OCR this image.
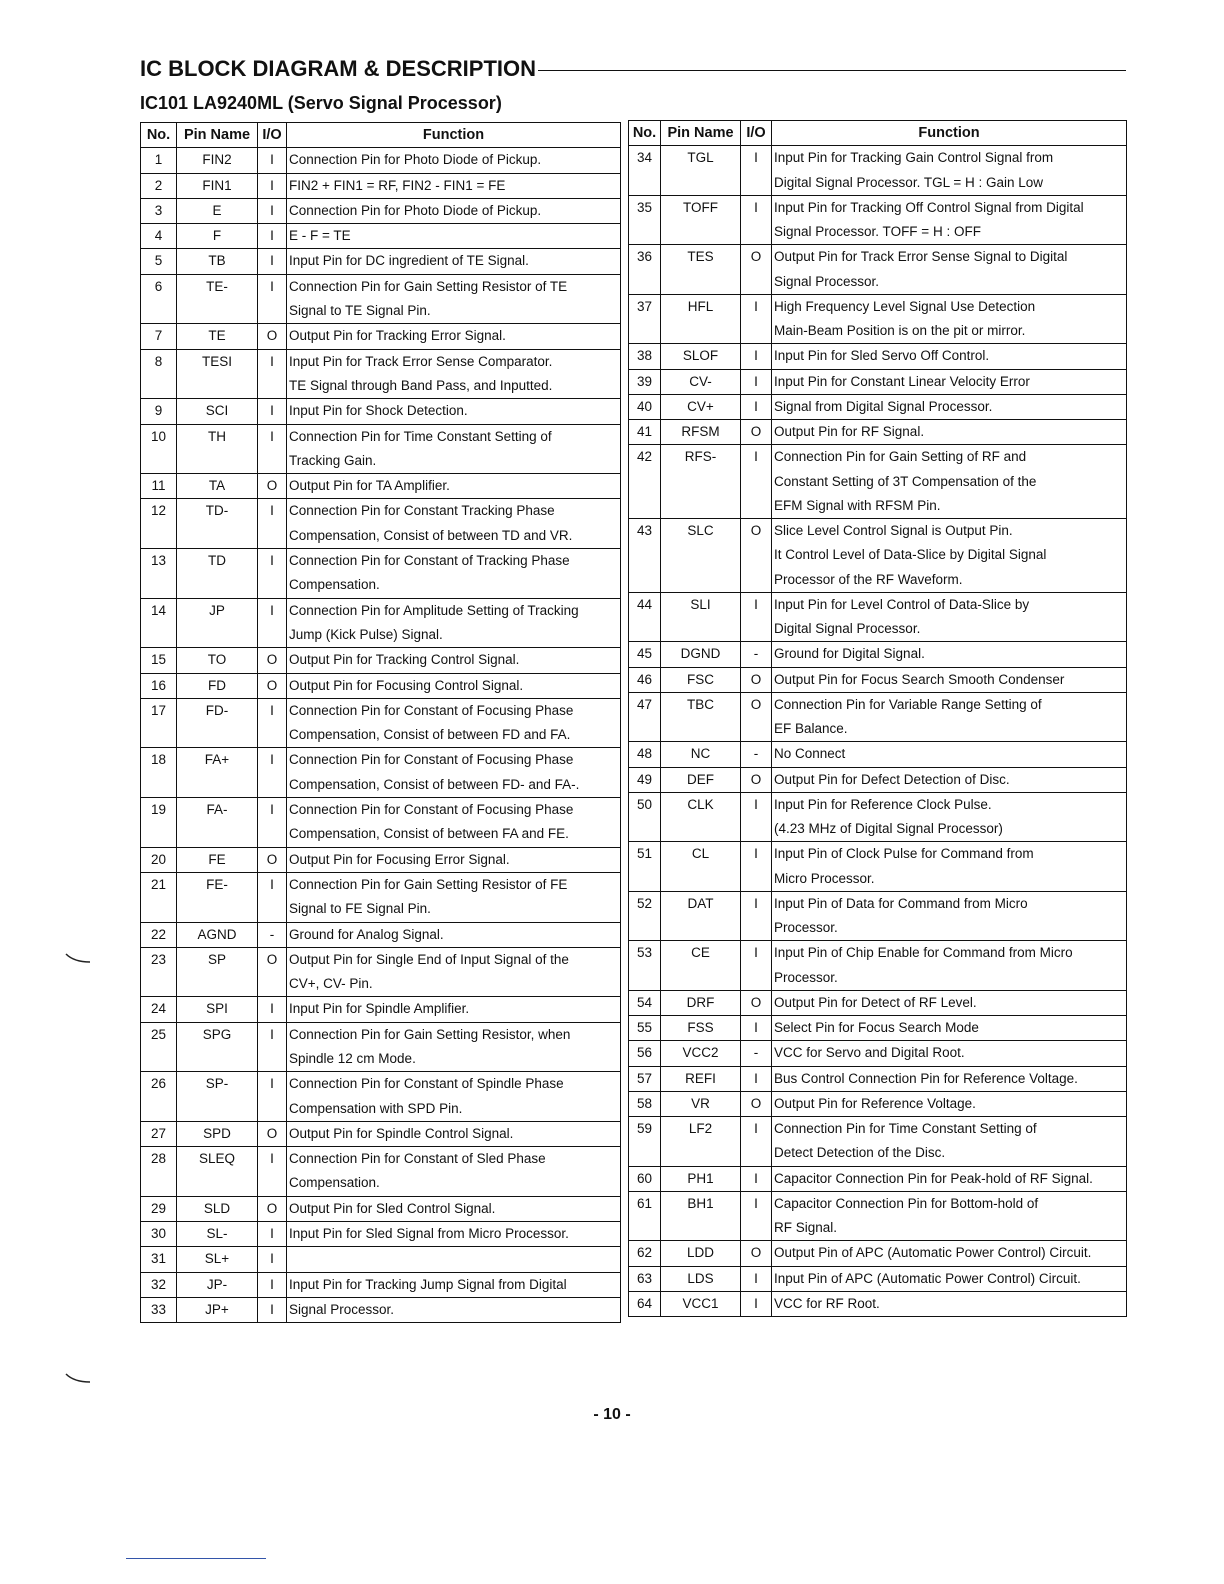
IC BLOCK DIAGRAM & DESCRIPTION
IC101 LA9240ML (Servo Signal Processor)
No.	Pin Name	I/O	Function
1	FIN2	I	Connection Pin for Photo Diode of Pickup.
2	FIN1	I	FIN2 + FIN1 = RF, FIN2 - FIN1 = FE
3	E	I	Connection Pin for Photo Diode of Pickup.
4	F	I	E - F = TE
5	TB	I	Input Pin for DC ingredient of TE Signal.
6	TE-	I	Connection Pin for Gain Setting Resistor of TE
			Signal to TE Signal Pin.
7	TE	O	Output Pin for Tracking Error Signal.
8	TESI	I	Input Pin for Track Error Sense Comparator.
			TE Signal through Band Pass, and Inputted.
9	SCI	I	Input Pin for Shock Detection.
10	TH	I	Connection Pin for Time Constant Setting of
			Tracking Gain.
11	TA	O	Output Pin for TA Amplifier.
12	TD-	I	Connection Pin for Constant Tracking Phase
			Compensation, Consist of between TD and VR.
13	TD	I	Connection Pin for Constant of Tracking Phase
			Compensation.
14	JP	I	Connection Pin for Amplitude Setting of Tracking
			Jump (Kick Pulse) Signal.
15	TO	O	Output Pin for Tracking Control Signal.
16	FD	O	Output Pin for Focusing Control Signal.
17	FD-	I	Connection Pin for Constant of Focusing Phase
			Compensation, Consist of between FD and FA.
18	FA+	I	Connection Pin for Constant of Focusing Phase
			Compensation, Consist of between FD- and FA-.
19	FA-	I	Connection Pin for Constant of Focusing Phase
			Compensation, Consist of between FA and FE.
20	FE	O	Output Pin for Focusing Error Signal.
21	FE-	I	Connection Pin for Gain Setting Resistor of FE
			Signal to FE Signal Pin.
22	AGND	-	Ground for Analog Signal.
23	SP	O	Output Pin for Single End of Input Signal of the
			CV+, CV- Pin.
24	SPI	I	Input Pin for Spindle Amplifier.
25	SPG	I	Connection Pin for Gain Setting Resistor, when
			Spindle 12 cm Mode.
26	SP-	I	Connection Pin for Constant of Spindle Phase
			Compensation with SPD Pin.
27	SPD	O	Output Pin for Spindle Control Signal.
28	SLEQ	I	Connection Pin for Constant of Sled Phase
			Compensation.
29	SLD	O	Output Pin for Sled Control Signal.
30	SL-	I	Input Pin for Sled Signal from Micro Processor.
31	SL+	I	
32	JP-	I	Input Pin for Tracking Jump Signal from Digital
33	JP+	I	Signal Processor.
No.	Pin Name	I/O	Function
34	TGL	I	Input Pin for Tracking Gain Control Signal from
			Digital Signal Processor. TGL = H : Gain Low
35	TOFF	I	Input Pin for Tracking Off Control Signal from Digital
			Signal Processor. TOFF = H : OFF
36	TES	O	Output Pin for Track Error Sense Signal to Digital
			Signal Processor.
37	HFL	I	High Frequency Level Signal Use Detection
			Main-Beam Position is on the pit or mirror.
38	SLOF	I	Input Pin for Sled Servo Off Control.
39	CV-	I	Input Pin for Constant Linear Velocity Error
40	CV+	I	Signal from Digital Signal Processor.
41	RFSM	O	Output Pin for RF Signal.
42	RFS-	I	Connection Pin for Gain Setting of RF and
			Constant Setting of 3T Compensation of the
			EFM Signal with RFSM Pin.
43	SLC	O	Slice Level Control Signal is Output Pin.
			It Control Level of Data-Slice by Digital Signal
			Processor of the RF Waveform.
44	SLI	I	Input Pin for Level Control of Data-Slice by
			Digital Signal Processor.
45	DGND	-	Ground for Digital Signal.
46	FSC	O	Output Pin for Focus Search Smooth Condenser
47	TBC	O	Connection Pin for Variable Range Setting of
			EF Balance.
48	NC	-	No Connect
49	DEF	O	Output Pin for Defect Detection of Disc.
50	CLK	I	Input Pin for Reference Clock Pulse.
			(4.23 MHz of Digital Signal Processor)
51	CL	I	Input Pin of Clock Pulse for Command from
			Micro Processor.
52	DAT	I	Input Pin of Data for Command from Micro
			Processor.
53	CE	I	Input Pin of Chip Enable for Command from Micro
			Processor.
54	DRF	O	Output Pin for Detect of RF Level.
55	FSS	I	Select Pin for Focus Search Mode
56	VCC2	-	VCC for Servo and Digital Root.
57	REFI	I	Bus Control Connection Pin for Reference Voltage.
58	VR	O	Output Pin for Reference Voltage.
59	LF2	I	Connection Pin for Time Constant Setting of
			Detect Detection of the Disc.
60	PH1	I	Capacitor Connection Pin for Peak-hold of RF Signal.
61	BH1	I	Capacitor Connection Pin for Bottom-hold of
			RF Signal.
62	LDD	O	Output Pin of APC (Automatic Power Control) Circuit.
63	LDS	I	Input Pin of APC (Automatic Power Control) Circuit.
64	VCC1	I	VCC for RF Root.
- 10 -
